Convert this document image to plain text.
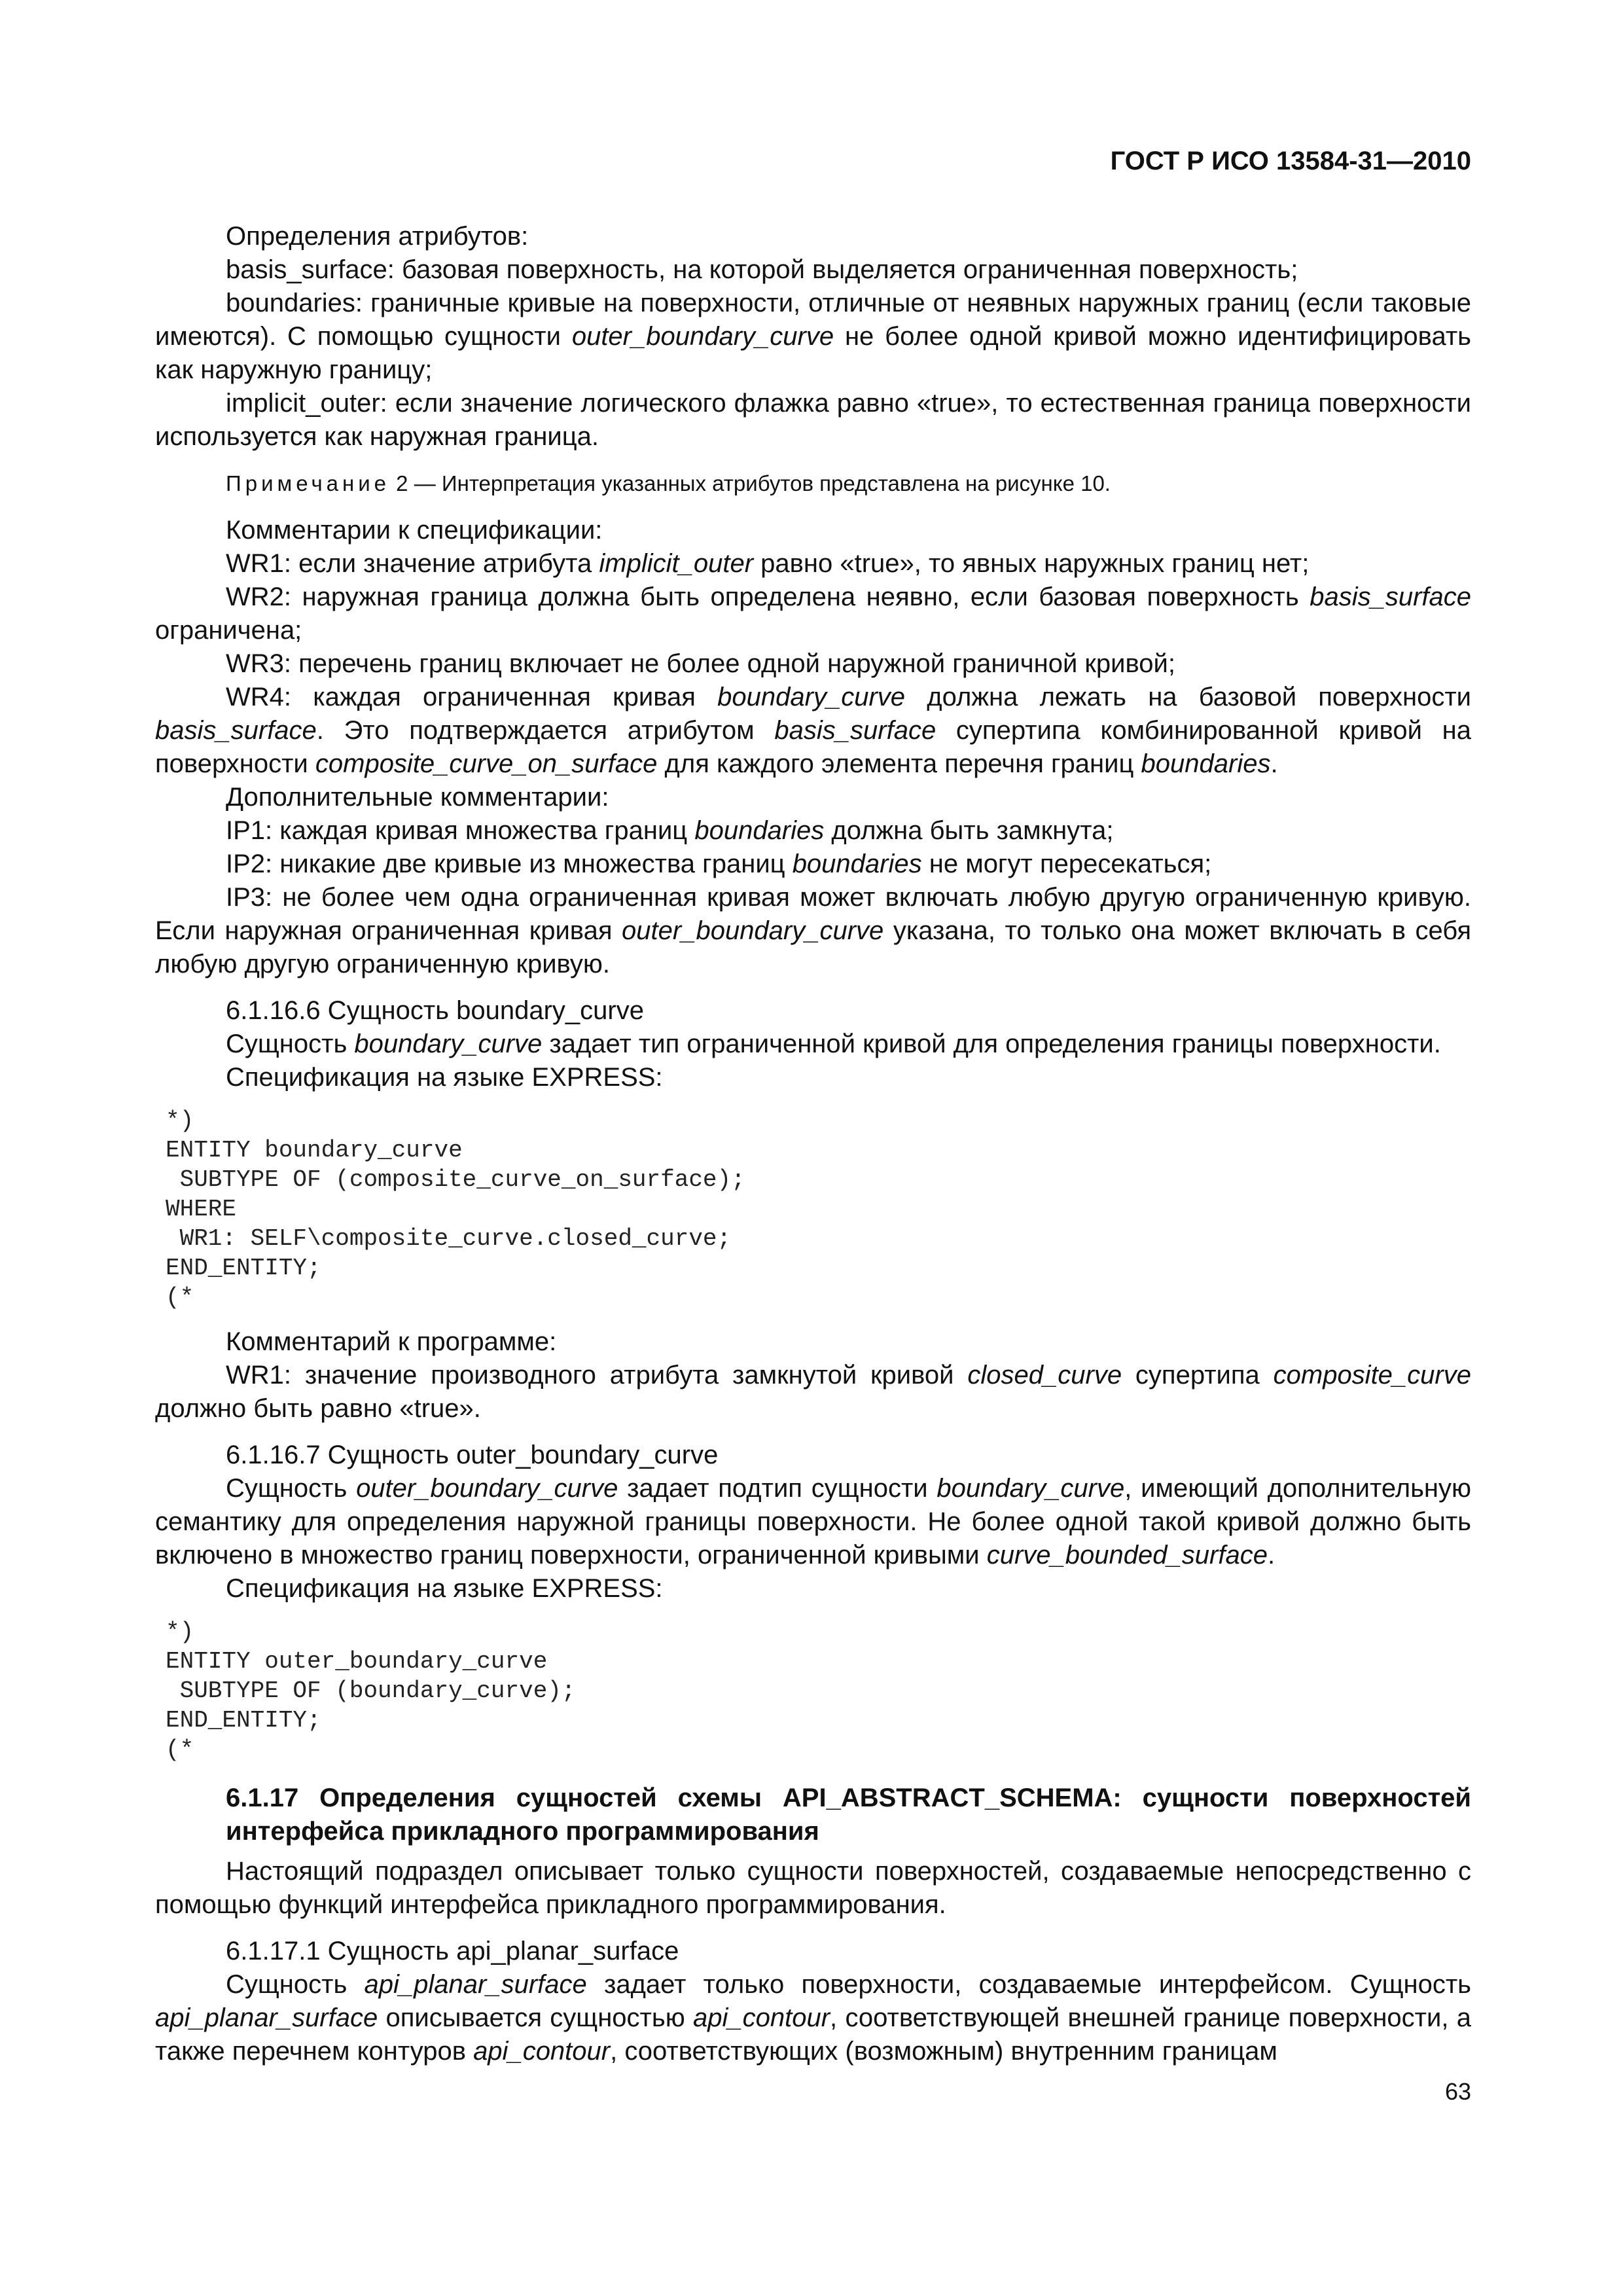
ГОСТ Р ИСО 13584-31—2010

Определения атрибутов:

basis_surface: базовая поверхность, на которой выделяется ограниченная поверхность;

boundaries: граничные кривые на поверхности, отличные от неявных наружных границ (если таковые имеются). С помощью сущности outer_boundary_curve не более одной кривой можно идентифицировать как наружную границу;

implicit_outer: если значение логического флажка равно «true», то естественная граница поверхности используется как наружная граница.

Примечание 2 — Интерпретация указанных атрибутов представлена на рисунке 10.

Комментарии к спецификации:

WR1: если значение атрибута implicit_outer равно «true», то явных наружных границ нет;

WR2: наружная граница должна быть определена неявно, если базовая поверхность basis_surface ограничена;

WR3: перечень границ включает не более одной наружной граничной кривой;

WR4: каждая ограниченная кривая boundary_curve должна лежать на базовой поверхности basis_surface. Это подтверждается атрибутом basis_surface супертипа комбинированной кривой на поверхности composite_curve_on_surface для каждого элемента перечня границ boundaries.

Дополнительные комментарии:

IP1: каждая кривая множества границ boundaries должна быть замкнута;

IP2: никакие две кривые из множества границ boundaries не могут пересекаться;

IP3: не более чем одна ограниченная кривая может включать любую другую ограниченную кривую. Если наружная ограниченная кривая outer_boundary_curve указана, то только она может включать в себя любую другую ограниченную кривую.

6.1.16.6 Сущность boundary_curve

Сущность boundary_curve задает тип ограниченной кривой для определения границы поверхности.

Спецификация на языке EXPRESS:

*)
ENTITY boundary_curve
SUBTYPE OF (composite_curve_on_surface);
WHERE
WR1: SELF\composite_curve.closed_curve;
END_ENTITY;
(*

Комментарий к программе:

WR1: значение производного атрибута замкнутой кривой closed_curve супертипа composite_curve должно быть равно «true».

6.1.16.7 Сущность outer_boundary_curve

Сущность outer_boundary_curve задает подтип сущности boundary_curve, имеющий дополнительную семантику для определения наружной границы поверхности. Не более одной такой кривой должно быть включено в множество границ поверхности, ограниченной кривыми curve_bounded_surface.

Спецификация на языке EXPRESS:

*)
ENTITY outer_boundary_curve
SUBTYPE OF (boundary_curve);
END_ENTITY;
(*

6.1.17 Определения сущностей схемы API_ABSTRACT_SCHEMA: сущности поверхностей интерфейса прикладного программирования

Настоящий подраздел описывает только сущности поверхностей, создаваемые непосредственно с помощью функций интерфейса прикладного программирования.

6.1.17.1 Сущность api_planar_surface

Сущность api_planar_surface задает только поверхности, создаваемые интерфейсом. Сущность api_planar_surface описывается сущностью api_contour, соответствующей внешней границе поверхности, а также перечнем контуров api_contour, соответствующих (возможным) внутренним границам

63
